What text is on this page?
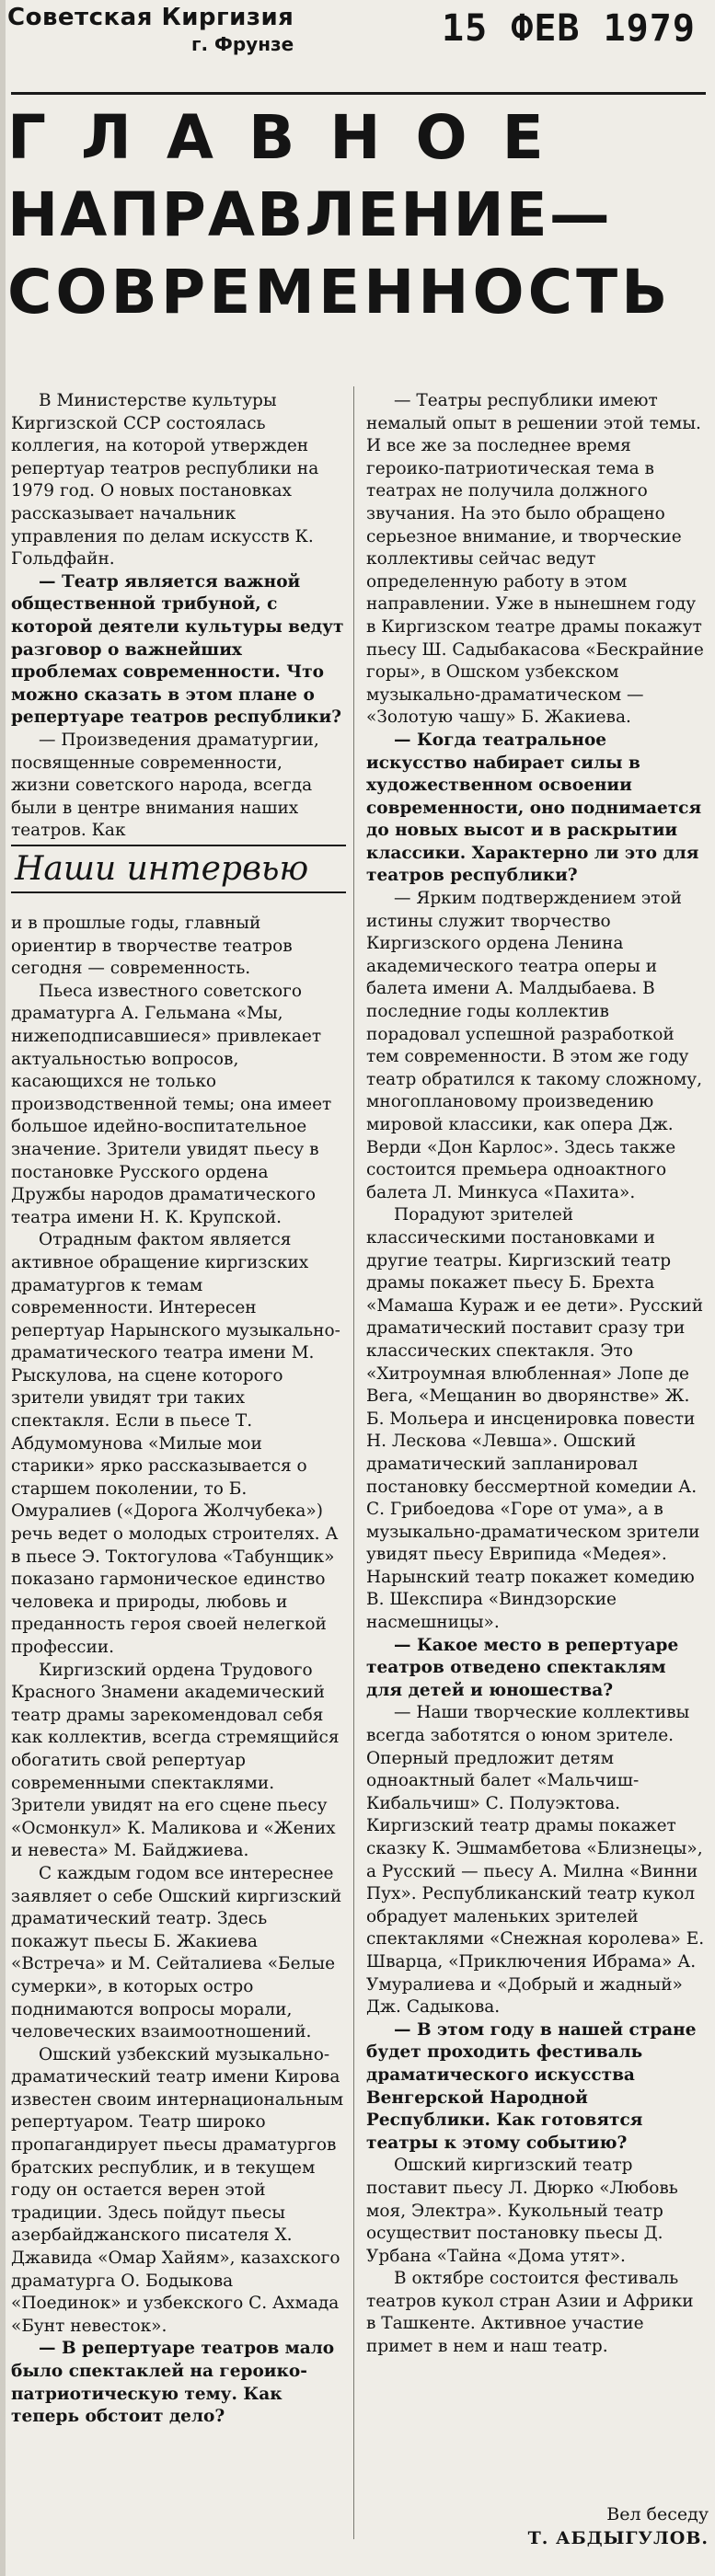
Советская Киргизия
г. Фрунзе	15 ФЕВ 1979
ГЛАВНОЕ
НАПРАВЛЕНИЕ—
СОВРЕМЕННОСТЬ

В Министерстве культуры Киргизской ССР состоялась коллегия, на которой утвержден репертуар театров республики на 1979 год. О новых постановках рассказывает начальник управления по делам искусств К. Гольдфайн.

— Театр является важной общественной трибуной, с которой деятели культуры ведут разговор о важнейших проблемах современности. Что можно сказать в этом плане о репертуаре театров республики?

— Произведения драматургии, посвященные современности, жизни советского народа, всегда были в центре внимания наших театров. Как

Наши интервью

и в прошлые годы, главный ориентир в творчестве театров сегодня — современность.

Пьеса известного советского драматурга А. Гельмана «Мы, нижеподписавшиеся» привлекает актуальностью вопросов, касающихся не только производственной темы; она имеет большое идейно-воспитательное значение. Зрители увидят пьесу в постановке Русского ордена Дружбы народов драматического театра имени Н. К. Крупской.

Отрадным фактом является активное обращение киргизских драматургов к темам современности. Интересен репертуар Нарынского музыкально-драматического театра имени М. Рыскулова, на сцене которого зрители увидят три таких спектакля. Если в пьесе Т. Абдумомунова «Милые мои старики» ярко рассказывается о старшем поколении, то Б. Омуралиев («Дорога Жолчубека») речь ведет о молодых строителях. А в пьесе Э. Токтогулова «Табунщик» показано гармоническое единство человека и природы, любовь и преданность героя своей нелегкой профессии.

Киргизский ордена Трудового Красного Знамени академический театр драмы зарекомендовал себя как коллектив, всегда стремящийся обогатить свой репертуар современными спектаклями. Зрители увидят на его сцене пьесу «Осмонкул» К. Маликова и «Жених и невеста» М. Байджиева.

С каждым годом все интереснее заявляет о себе Ошский киргизский драматический театр. Здесь покажут пьесы Б. Жакиева «Встреча» и М. Сейталиева «Белые сумерки», в которых остро поднимаются вопросы морали, человеческих взаимоотношений.

Ошский узбекский музыкально-драматический театр имени Кирова известен своим интернациональным репертуаром. Театр широко пропагандирует пьесы драматургов братских республик, и в текущем году он остается верен этой традиции. Здесь пойдут пьесы азербайджанского писателя Х. Джавида «Омар Хайям», казахского драматурга О. Бодыкова «Поединок» и узбекского С. Ахмада «Бунт невесток».

— В репертуаре театров мало было спектаклей на героико-патриотическую тему. Как теперь обстоит дело?

— Театры республики имеют немалый опыт в решении этой темы. И все же за последнее время героико-патриотическая тема в театрах не получила должного звучания. На это было обращено серьезное внимание, и творческие коллективы сейчас ведут определенную работу в этом направлении. Уже в нынешнем году в Киргизском театре драмы покажут пьесу Ш. Садыбакасова «Бескрайние горы», в Ошском узбекском музыкально-драматическом — «Золотую чашу» Б. Жакиева.

— Когда театральное искусство набирает силы в художественном освоении современности, оно поднимается до новых высот и в раскрытии классики. Характерно ли это для театров республики?

— Ярким подтверждением этой истины служит творчество Киргизского ордена Ленина академического театра оперы и балета имени А. Малдыбаева. В последние годы коллектив порадовал успешной разработкой тем современности. В этом же году театр обратился к такому сложному, многоплановому произведению мировой классики, как опера Дж. Верди «Дон Карлос». Здесь также состоится премьера одноактного балета Л. Минкуса «Пахита».

Порадуют зрителей классическими постановками и другие театры. Киргизский театр драмы покажет пьесу Б. Брехта «Мамаша Кураж и ее дети». Русский драматический поставит сразу три классических спектакля. Это «Хитроумная влюбленная» Лопе де Вега, «Мещанин во дворянстве» Ж. Б. Мольера и инсценировка повести Н. Лескова «Левша». Ошский драматический запланировал постановку бессмертной комедии А. С. Грибоедова «Горе от ума», а в музыкально-драматическом зрители увидят пьесу Еврипида «Медея». Нарынский театр покажет комедию В. Шекспира «Виндзорские насмешницы».

— Какое место в репертуаре театров отведено спектаклям для детей и юношества?

— Наши творческие коллективы всегда заботятся о юном зрителе. Оперный предложит детям одноактный балет «Мальчиш-Кибальчиш» С. Полуэктова. Киргизский театр драмы покажет сказку К. Эшмамбетова «Близнецы», а Русский — пьесу А. Милна «Винни Пух». Республиканский театр кукол обрадует маленьких зрителей спектаклями «Снежная королева» Е. Шварца, «Приключения Ибрама» А. Умуралиева и «Добрый и жадный» Дж. Садыкова.

— В этом году в нашей стране будет проходить фестиваль драматического искусства Венгерской Народной Республики. Как готовятся театры к этому событию?

Ошский киргизский театр поставит пьесу Л. Дюрко «Любовь моя, Электра». Кукольный театр осуществит постановку пьесы Д. Урбана «Тайна «Дома утят».

В октябре состоится фестиваль театров кукол стран Азии и Африки в Ташкенте. Активное участие примет в нем и наш театр.

Вел беседу
Т. АБДЫГУЛОВ.
